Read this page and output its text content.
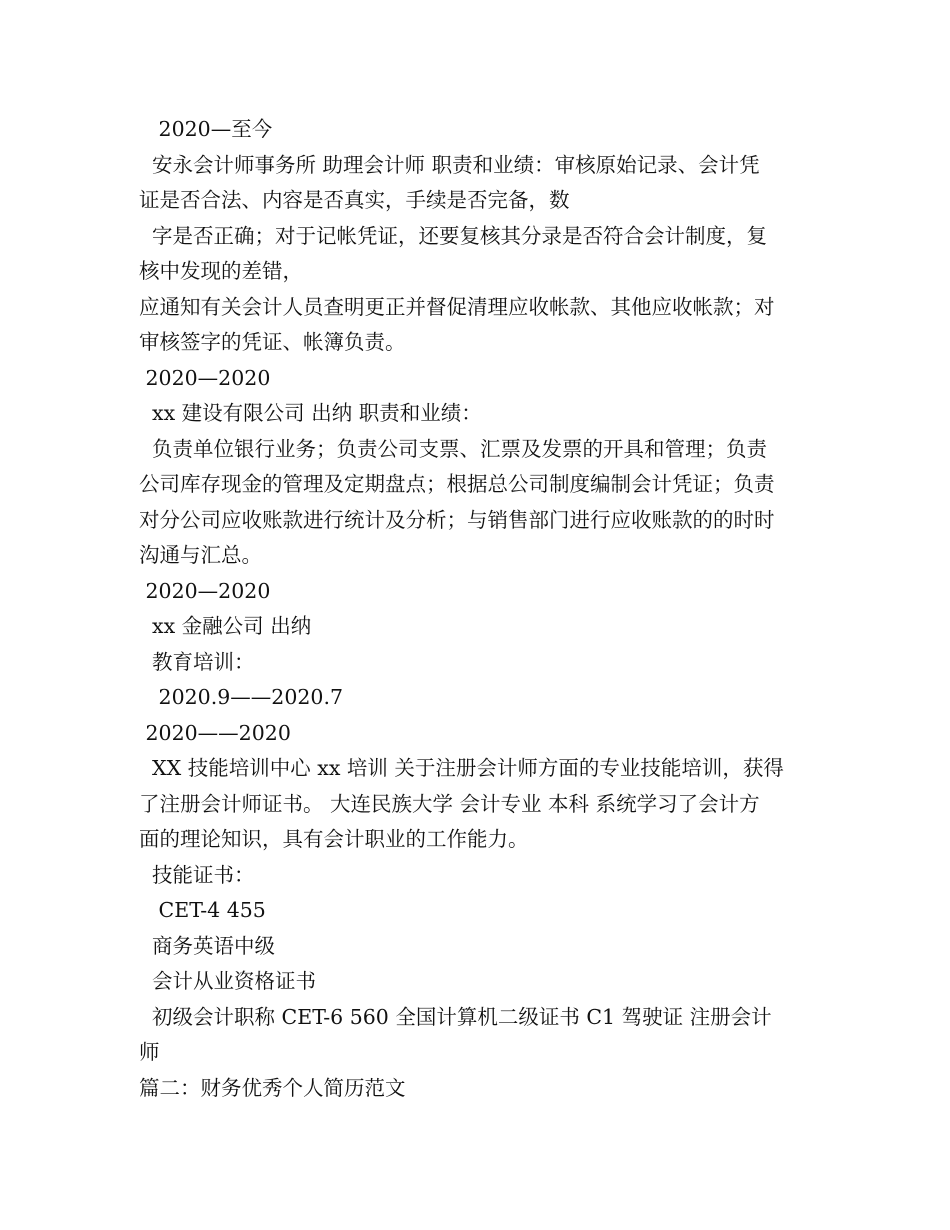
2020—至今
安永会计师事务所 助理会计师 职责和业绩：审核原始记录、会计凭
证是否合法、内容是否真实，手续是否完备，数
字是否正确；对于记帐凭证，还要复核其分录是否符合会计制度，复
核中发现的差错，
应通知有关会计人员查明更正并督促清理应收帐款、其他应收帐款；对
审核签字的凭证、帐簿负责。
2020—2020
xx 建设有限公司 出纳 职责和业绩：
负责单位银行业务；负责公司支票、汇票及发票的开具和管理；负责
公司库存现金的管理及定期盘点；根据总公司制度编制会计凭证；负责
对分公司应收账款进行统计及分析；与销售部门进行应收账款的的时时
沟通与汇总。
2020—2020
xx 金融公司 出纳
教育培训：
2020.9——2020.7
2020——2020
XX 技能培训中心 xx 培训 关于注册会计师方面的专业技能培训，获得
了注册会计师证书。 大连民族大学 会计专业 本科 系统学习了会计方
面的理论知识，具有会计职业的工作能力。
技能证书：
CET-4 455
商务英语中级
会计从业资格证书
初级会计职称 CET-6 560 全国计算机二级证书 C1 驾驶证 注册会计
师
篇二：财务优秀个人简历范文
